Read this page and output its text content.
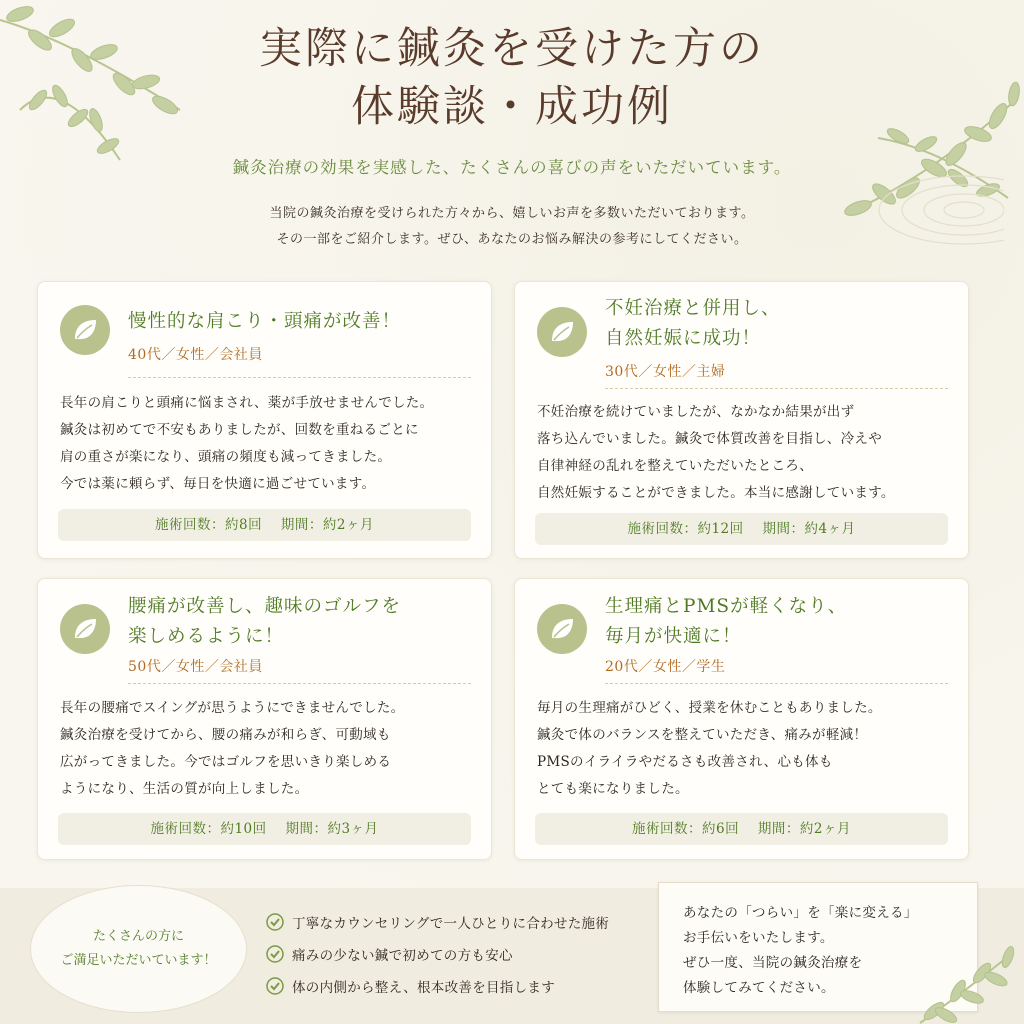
実際に鍼灸を受けた方の
体験談・成功例
鍼灸治療の効果を実感した、たくさんの喜びの声をいただいています。
当院の鍼灸治療を受けられた方々から、嬉しいお声を多数いただいております。
その一部をご紹介します。ぜひ、あなたのお悩み解決の参考にしてください。
慢性的な肩こり・頭痛が改善！
40代／女性／会社員
長年の肩こりと頭痛に悩まされ、薬が手放せませんでした。
鍼灸は初めてで不安もありましたが、回数を重ねるごとに
肩の重さが楽になり、頭痛の頻度も減ってきました。
今では薬に頼らず、毎日を快適に過ごせています。
施術回数：約8回　 期間：約2ヶ月
不妊治療と併用し、
自然妊娠に成功！
30代／女性／主婦
不妊治療を続けていましたが、なかなか結果が出ず
落ち込んでいました。鍼灸で体質改善を目指し、冷えや
自律神経の乱れを整えていただいたところ、
自然妊娠することができました。本当に感謝しています。
施術回数：約12回　 期間：約4ヶ月
腰痛が改善し、趣味のゴルフを
楽しめるように！
50代／女性／会社員
長年の腰痛でスイングが思うようにできませんでした。
鍼灸治療を受けてから、腰の痛みが和らぎ、可動域も
広がってきました。今ではゴルフを思いきり楽しめる
ようになり、生活の質が向上しました。
施術回数：約10回　 期間：約3ヶ月
生理痛とPMSが軽くなり、
毎月が快適に！
20代／女性／学生
毎月の生理痛がひどく、授業を休むこともありました。
鍼灸で体のバランスを整えていただき、痛みが軽減！
PMSのイライラやだるさも改善され、心も体も
とても楽になりました。
施術回数：約6回　 期間：約2ヶ月
たくさんの方に
ご満足いただいています！
丁寧なカウンセリングで一人ひとりに合わせた施術
痛みの少ない鍼で初めての方も安心
体の内側から整え、根本改善を目指します
あなたの「つらい」を「楽に変える」
お手伝いをいたします。
ぜひ一度、当院の鍼灸治療を
体験してみてください。
